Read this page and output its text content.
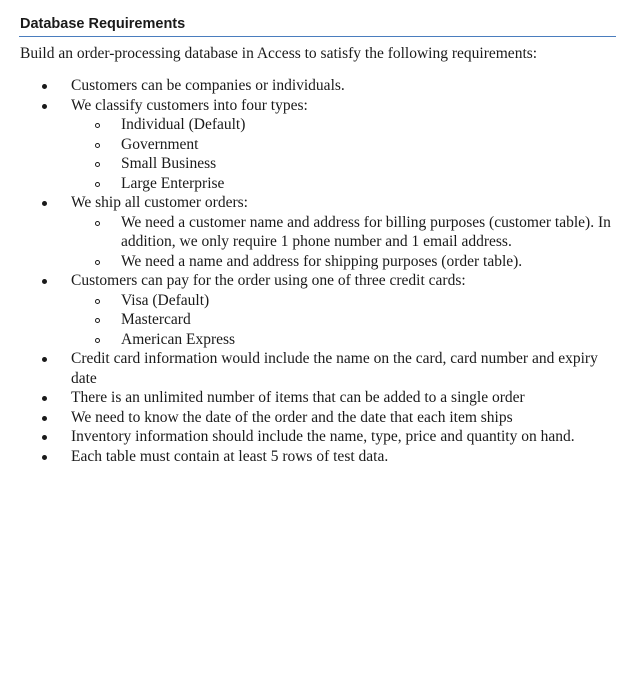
Database Requirements
Build an order-processing database in Access to satisfy the following requirements:
Customers can be companies or individuals.
We classify customers into four types:
Individual (Default)
Government
Small Business
Large Enterprise
We ship all customer orders:
We need a customer name and address for billing purposes (customer table). In addition, we only require 1 phone number and 1 email address.
We need a name and address for shipping purposes (order table).
Customers can pay for the order using one of three credit cards:
Visa (Default)
Mastercard
American Express
Credit card information would include the name on the card, card number and expiry date
There is an unlimited number of items that can be added to a single order
We need to know the date of the order and the date that each item ships
Inventory information should include the name, type, price and quantity on hand.
Each table must contain at least 5 rows of test data.
